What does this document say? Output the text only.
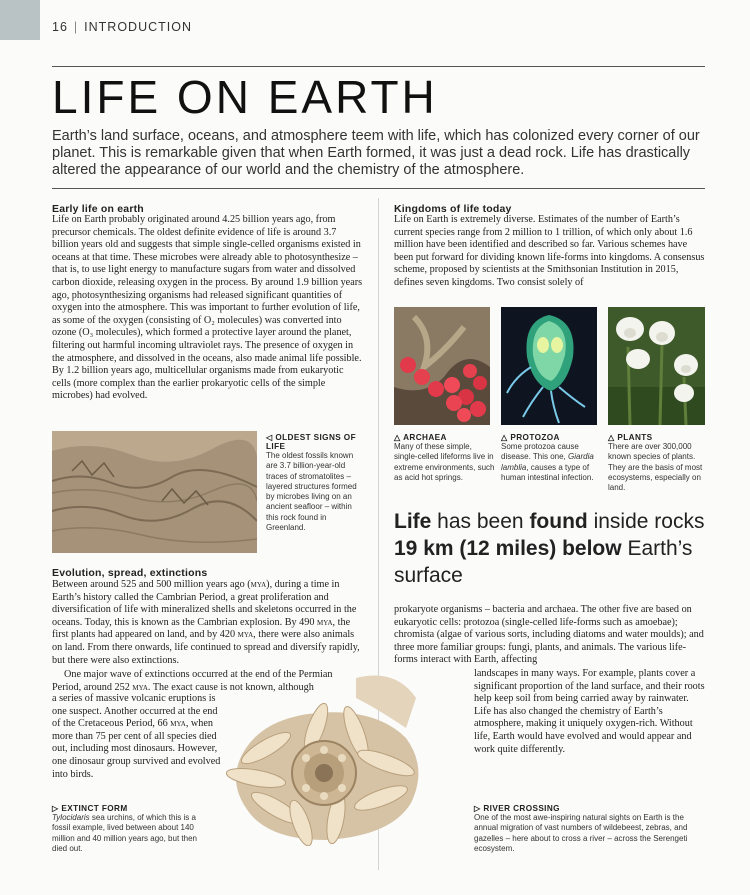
16 | INTRODUCTION
LIFE ON EARTH

Earth’s land surface, oceans, and atmosphere teem with life, which has colonized every corner of our planet. This is remarkable given that when Earth formed, it was just a dead rock. Life has drastically altered the appearance of our world and the chemistry of the atmosphere.

Early life on earth

Life on Earth probably originated around 4.25 billion years ago, from precursor chemicals. The oldest definite evidence of life is around 3.7 billion years old and suggests that simple single-celled organisms existed in oceans at that time. These microbes were already able to photosynthesize – that is, to use light energy to manufacture sugars from water and dissolved carbon dioxide, releasing oxygen in the process. By around 1.9 billion years ago, photosynthesizing organisms had released significant quantities of oxygen into the atmosphere. This was important to further evolution of life, as some of the oxygen (consisting of O₂ molecules) was converted into ozone (O₃ molecules), which formed a protective layer around the planet, filtering out harmful incoming ultraviolet rays. The presence of oxygen in the atmosphere, and dissolved in the oceans, also made animal life possible. By 1.2 billion years ago, multicellular organisms made from eukaryotic cells (more complex than the earlier prokaryotic cells of the simple microbes) had evolved.

Kingdoms of life today

Life on Earth is extremely diverse. Estimates of the number of Earth’s current species range from 2 million to 1 trillion, of which only about 1.6 million have been identified and described so far. Various schemes have been put forward for dividing known life-forms into kingdoms. A consensus scheme, proposed by scientists at the Smithsonian Institution in 2015, defines seven kingdoms. Two consist solely of

△ ARCHAEA
Many of these simple, single-celled lifeforms live in extreme environments, such as acid hot springs.
△ PROTOZOA
Some protozoa cause disease. This one, Giardia lamblia, causes a type of human intestinal infection.
△ PLANTS
There are over 300,000 known species of plants. They are the basis of most ecosystems, especially on land.
◁ OLDEST SIGNS OF LIFE
The oldest fossils known are 3.7 billion-year-old traces of stromatolites – layered structures formed by microbes living on an ancient seafloor – within this rock found in Greenland.	Life has been found inside rocks 19 km (12 miles) below Earth’s surface

Evolution, spread, extinctions

Between around 525 and 500 million years ago (mya), during a time in Earth’s history called the Cambrian Period, a great proliferation and diversification of life with mineralized shells and skeletons occurred in the oceans. Today, this is known as the Cambrian explosion. By 490 mya, the first plants had appeared on land, and by 420 mya, there were also animals on land. From there onwards, life continued to spread and diversify rapidly, but there were also extinctions.

One major wave of extinctions occurred at the end of the Permian Period, around 252 mya. The exact cause is not known, although

a series of massive volcanic eruptions is one suspect. Another occurred at the end of the Cretaceous Period, 66 mya, when more than 75 per cent of all species died out, including most dinosaurs. However, one dinosaur group survived and evolved into birds.

prokaryote organisms – bacteria and archaea. The other five are based on eukaryotic cells: protozoa (single-celled life-forms such as amoebae); chromista (algae of various sorts, including diatoms and water moulds); and three more familiar groups: fungi, plants, and animals. The various life-forms interact with Earth, affecting

landscapes in many ways. For example, plants cover a significant proportion of the land surface, and their roots help keep soil from being carried away by rainwater. Life has also changed the chemistry of Earth’s atmosphere, making it uniquely oxygen-rich. Without life, Earth would have evolved and would appear and work quite differently.

▷ EXTINCT FORM
Tylocidaris sea urchins, of which this is a fossil example, lived between about 140 million and 40 million years ago, but then died out.
▷ RIVER CROSSING
One of the most awe-inspiring natural sights on Earth is the annual migration of vast numbers of wildebeest, zebras, and gazelles – here about to cross a river – across the Serengeti ecosystem.
